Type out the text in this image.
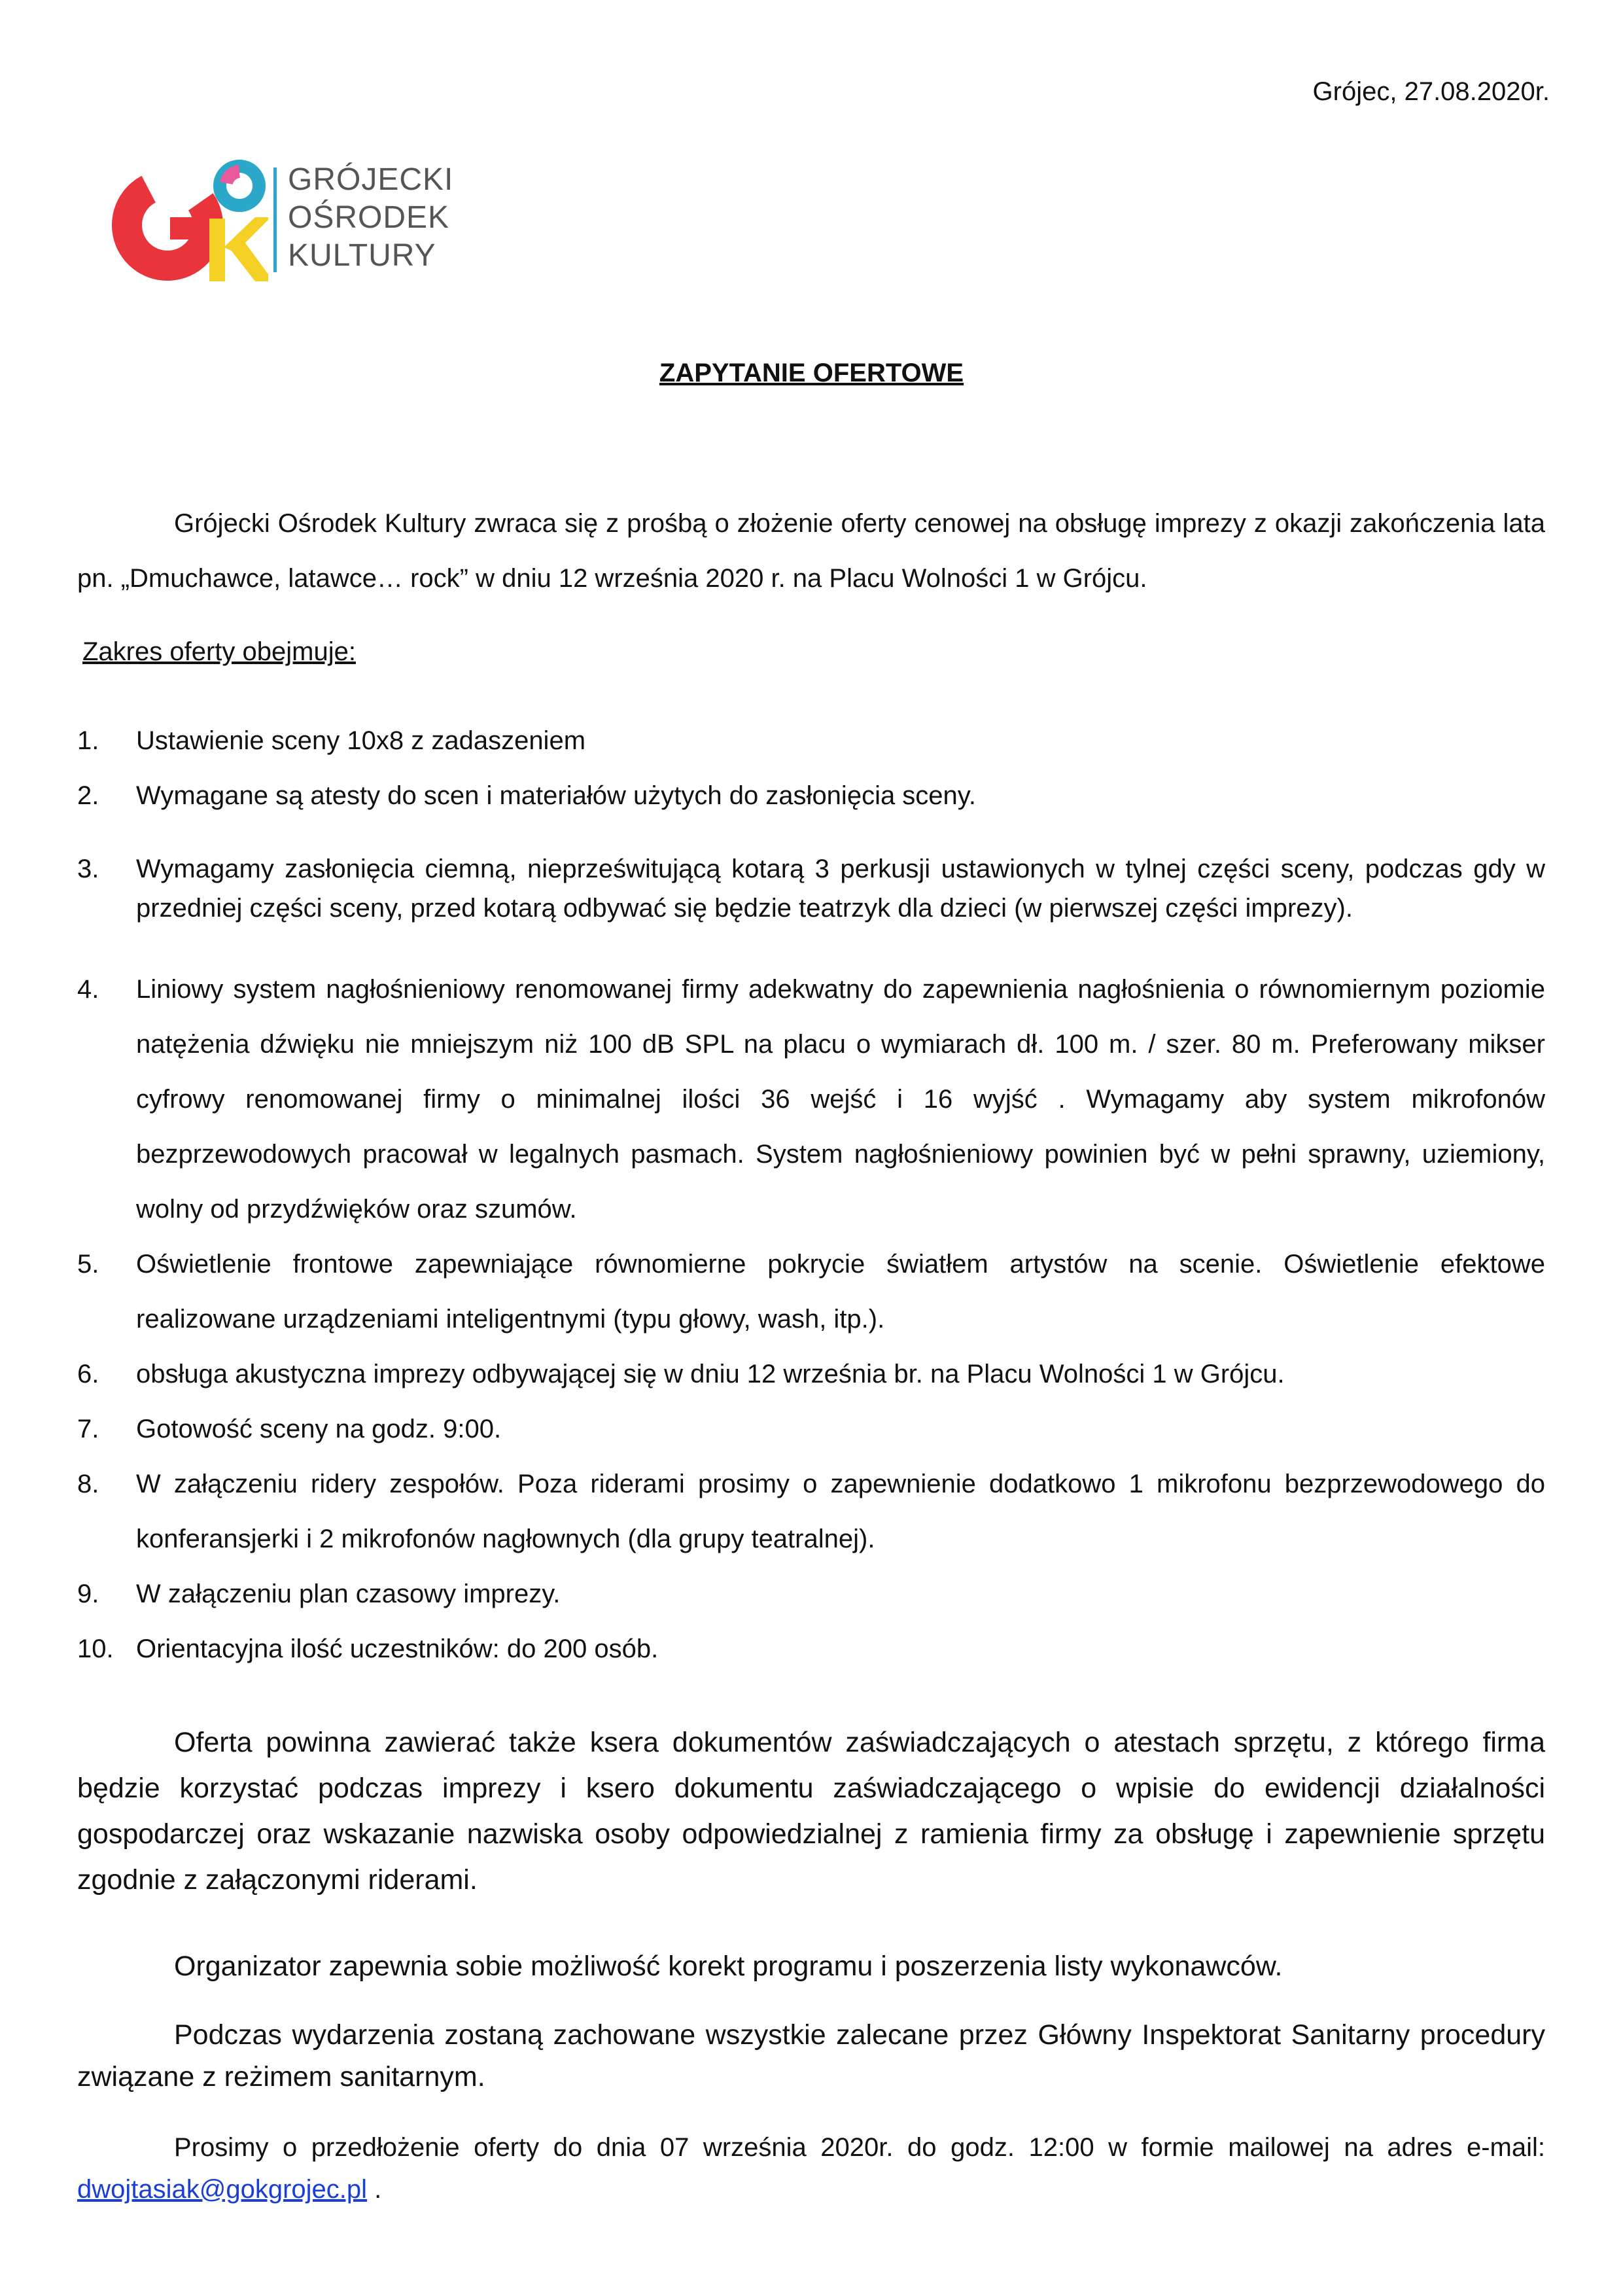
Grójec, 27.08.2020r.
GRÓJECKI
OŚRODEK
KULTURY
ZAPYTANIE OFERTOWE
Grójecki Ośrodek Kultury zwraca się z prośbą o złożenie oferty cenowej na obsługę imprezy z okazji zakończenia lata pn. „Dmuchawce, latawce… rock” w dniu 12 września 2020 r. na Placu Wolności 1 w Grójcu.
Zakres oferty obejmuje:
1.	Ustawienie sceny 10x8 z zadaszeniem
2.	Wymagane są atesty do scen i materiałów użytych do zasłonięcia sceny.
3.	Wymagamy zasłonięcia ciemną, nieprześwitującą kotarą 3 perkusji ustawionych w tylnej części sceny, podczas gdy w przedniej części sceny, przed kotarą odbywać się będzie teatrzyk dla dzieci (w pierwszej części imprezy).
4.	Liniowy system nagłośnieniowy renomowanej firmy adekwatny do zapewnienia nagłośnienia o równomiernym poziomie natężenia dźwięku nie mniejszym niż 100 dB SPL na placu o wymiarach dł. 100 m. / szer. 80 m. Preferowany mikser cyfrowy renomowanej firmy o minimalnej ilości 36 wejść i 16 wyjść . Wymagamy aby system mikrofonów bezprzewodowych pracował w legalnych pasmach. System nagłośnieniowy powinien być w pełni sprawny, uziemiony, wolny od przydźwięków oraz szumów.
5.	Oświetlenie frontowe zapewniające równomierne pokrycie światłem artystów na scenie. Oświetlenie efektowe realizowane urządzeniami inteligentnymi (typu głowy, wash, itp.).
6.	obsługa akustyczna imprezy odbywającej się w dniu 12 września br. na Placu Wolności 1 w Grójcu.
7.	Gotowość sceny na godz. 9:00.
8.	W załączeniu ridery zespołów. Poza riderami prosimy o zapewnienie dodatkowo 1 mikrofonu bezprzewodowego do konferansjerki i 2 mikrofonów nagłownych (dla grupy teatralnej).
9.	W załączeniu plan czasowy imprezy.
10. Orientacyjna ilość uczestników: do 200 osób.
Oferta powinna zawierać także ksera dokumentów zaświadczających o atestach sprzętu, z którego firma będzie korzystać podczas imprezy i ksero dokumentu zaświadczającego o wpisie do ewidencji działalności gospodarczej oraz wskazanie nazwiska osoby odpowiedzialnej z ramienia firmy za obsługę i zapewnienie sprzętu zgodnie z załączonymi riderami.
Organizator zapewnia sobie możliwość korekt programu i poszerzenia listy wykonawców.
Podczas wydarzenia zostaną zachowane wszystkie zalecane przez Główny Inspektorat Sanitarny procedury związane z reżimem sanitarnym.
Prosimy o przedłożenie oferty do dnia 07 września 2020r. do godz. 12:00 w formie mailowej na adres e-mail: dwojtasiak@gokgrojec.pl .
